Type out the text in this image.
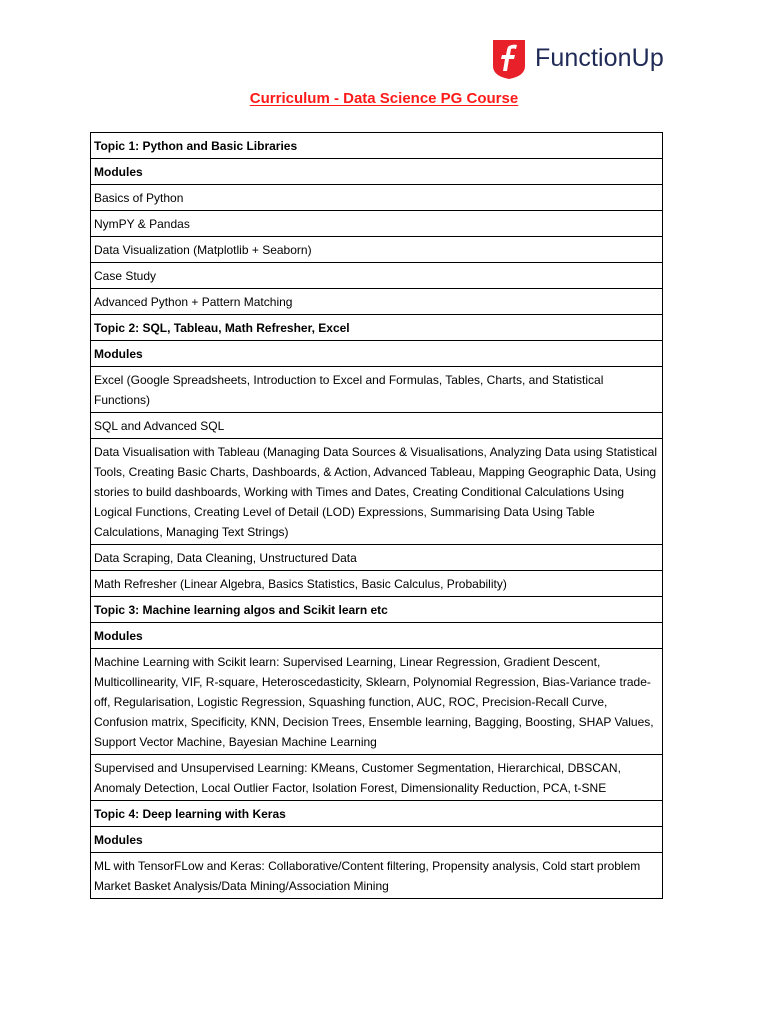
FunctionUp
Curriculum - Data Science PG Course
Topic 1: Python and Basic Libraries
Modules
Basics of Python
NymPY & Pandas
Data Visualization (Matplotlib + Seaborn)
Case Study
Advanced Python + Pattern Matching
Topic 2: SQL, Tableau, Math Refresher, Excel
Modules
Excel (Google Spreadsheets, Introduction to Excel and Formulas, Tables, Charts, and Statistical Functions)
SQL and Advanced SQL
Data Visualisation with Tableau (Managing Data Sources & Visualisations, Analyzing Data using Statistical Tools, Creating Basic Charts, Dashboards, & Action, Advanced Tableau, Mapping Geographic Data, Using stories to build dashboards, Working with Times and Dates, Creating Conditional Calculations Using Logical Functions, Creating Level of Detail (LOD) Expressions, Summarising Data Using Table Calculations, Managing Text Strings)
Data Scraping, Data Cleaning, Unstructured Data
Math Refresher (Linear Algebra, Basics Statistics, Basic Calculus, Probability)
Topic 3: Machine learning algos and Scikit learn etc
Modules
Machine Learning with Scikit learn: Supervised Learning, Linear Regression, Gradient Descent, Multicollinearity, VIF, R-square, Heteroscedasticity, Sklearn, Polynomial Regression, Bias-Variance trade-off, Regularisation, Logistic Regression, Squashing function, AUC, ROC, Precision-Recall Curve, Confusion matrix, Specificity, KNN, Decision Trees, Ensemble learning, Bagging, Boosting, SHAP Values, Support Vector Machine, Bayesian Machine Learning
Supervised and Unsupervised Learning: KMeans, Customer Segmentation, Hierarchical, DBSCAN, Anomaly Detection, Local Outlier Factor, Isolation Forest, Dimensionality Reduction, PCA, t-SNE
Topic 4: Deep learning with Keras
Modules
ML with TensorFLow and Keras: Collaborative/Content filtering, Propensity analysis, Cold start problem Market Basket Analysis/Data Mining/Association Mining
